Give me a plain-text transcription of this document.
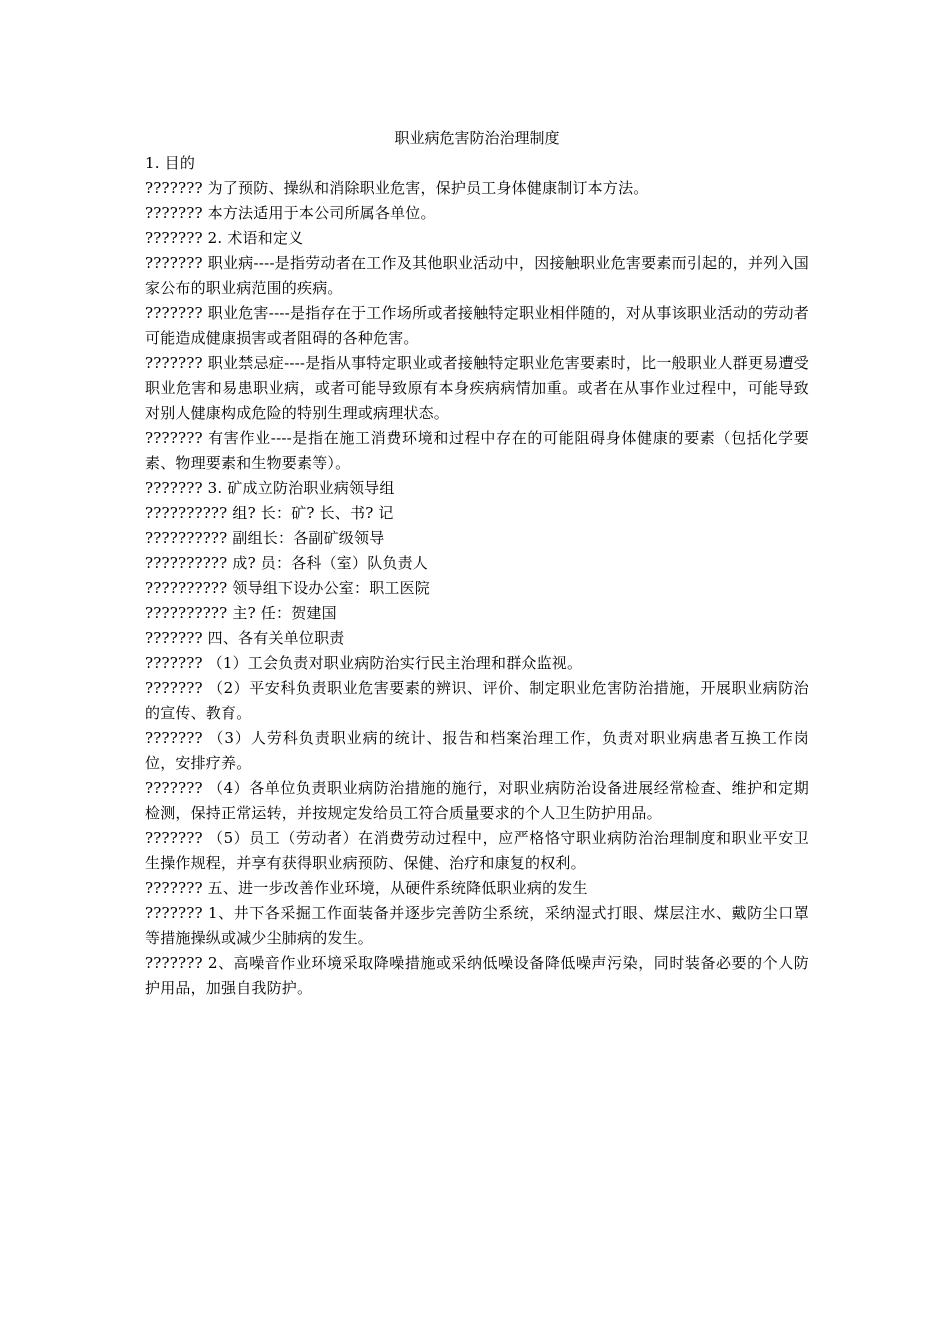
职业病危害防治治理制度

1. 目的

??????? 为了预防、操纵和消除职业危害，保护员工身体健康制订本方法。

??????? 本方法适用于本公司所属各单位。

??????? 2. 术语和定义

??????? 职业病----是指劳动者在工作及其他职业活动中，因接触职业危害要素而引起的，并列入国家公布的职业病范围的疾病。

??????? 职业危害----是指存在于工作场所或者接触特定职业相伴随的，对从事该职业活动的劳动者可能造成健康损害或者阻碍的各种危害。

??????? 职业禁忌症----是指从事特定职业或者接触特定职业危害要素时，比一般职业人群更易遭受职业危害和易患职业病，或者可能导致原有本身疾病病情加重。或者在从事作业过程中，可能导致对别人健康构成危险的特别生理或病理状态。

??????? 有害作业----是指在施工消费环境和过程中存在的可能阻碍身体健康的要素（包括化学要素、物理要素和生物要素等）。

??????? 3. 矿成立防治职业病领导组

?????????? 组? 长：矿? 长、书? 记

?????????? 副组长：各副矿级领导

?????????? 成? 员：各科（室）队负责人

?????????? 领导组下设办公室：职工医院

?????????? 主? 任：贺建国

??????? 四、各有关单位职责

??????? （1）工会负责对职业病防治实行民主治理和群众监视。

??????? （2）平安科负责职业危害要素的辨识、评价、制定职业危害防治措施，开展职业病防治的宣传、教育。

??????? （3）人劳科负责职业病的统计、报告和档案治理工作，负责对职业病患者互换工作岗位，安排疗养。

??????? （4）各单位负责职业病防治措施的施行，对职业病防治设备进展经常检查、维护和定期检测，保持正常运转，并按规定发给员工符合质量要求的个人卫生防护用品。

??????? （5）员工（劳动者）在消费劳动过程中，应严格恪守职业病防治治理制度和职业平安卫生操作规程，并享有获得职业病预防、保健、治疗和康复的权利。

??????? 五、进一步改善作业环境，从硬件系统降低职业病的发生

??????? 1、井下各采掘工作面装备并逐步完善防尘系统，采纳湿式打眼、煤层注水、戴防尘口罩等措施操纵或减少尘肺病的发生。

??????? 2、高噪音作业环境采取降噪措施或采纳低噪设备降低噪声污染，同时装备必要的个人防护用品，加强自我防护。
